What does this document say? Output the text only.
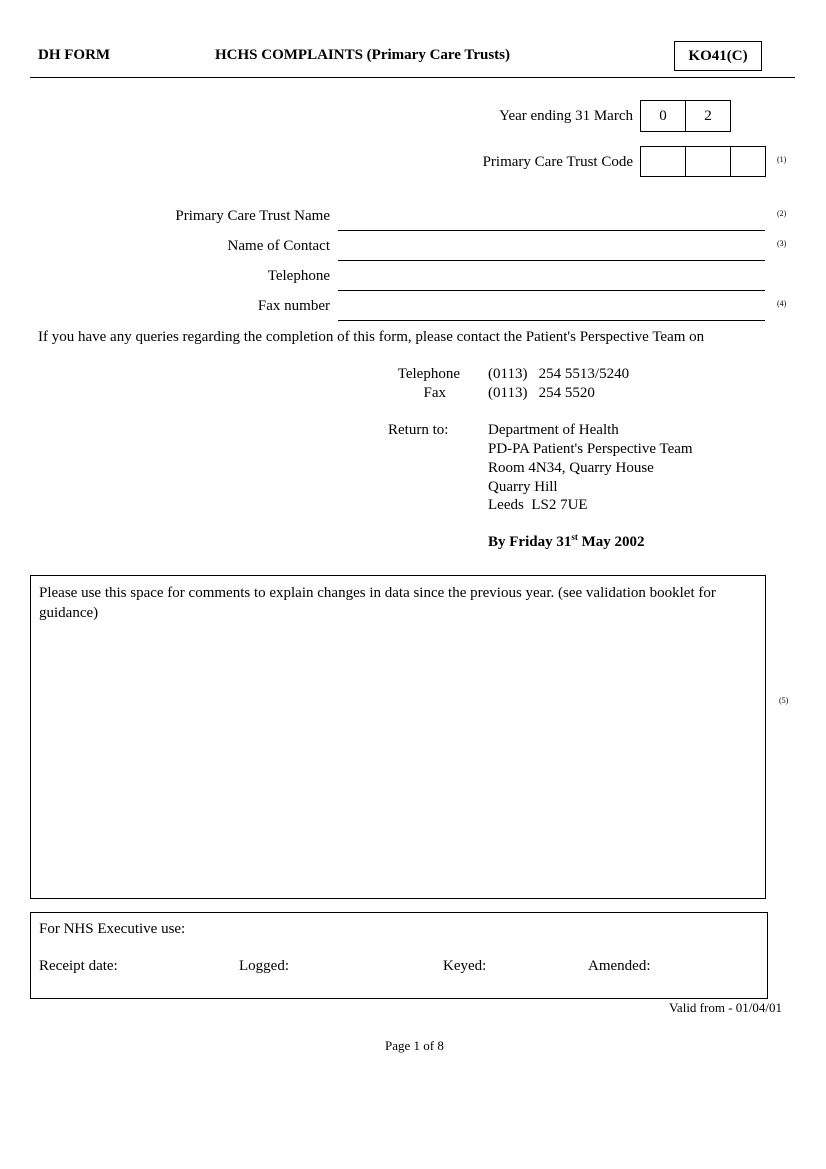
DH FORM	HCHS COMPLAINTS (Primary Care Trusts)	KO41(C)
Year ending 31 March	0	2
Primary Care Trust Code	(1)
Primary Care Trust Name	(2)
Name of Contact	(3)
Telephone
Fax number	(4)
If you have any queries regarding the completion of this form, please contact the Patient's Perspective Team on
Telephone (0113)   254 5513/5240
Fax	(0113)   254 5520
Return to:	Department of Health
PD-PA Patient's Perspective Team
Room 4N34, Quarry House
Quarry Hill
Leeds  LS2 7UE
By Friday 31st May 2002
Please use this space for comments to explain changes in data since the previous year. (see validation booklet for guidance)
(5)
For NHS Executive use:
Receipt date:	Logged:	Keyed:	Amended:
Valid from - 01/04/01
Page 1 of 8
